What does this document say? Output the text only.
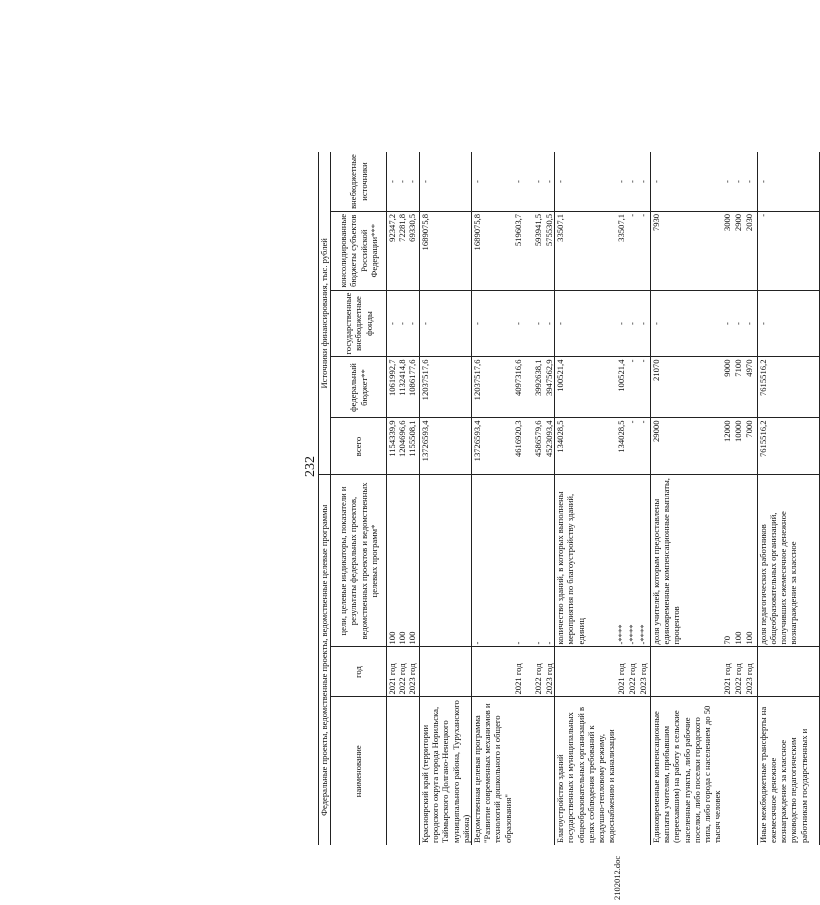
232
Федеральные проекты, ведомственные проекты, ведомственные целевые программы			Источники финансирования, тыс. рублей				
наименование	год	цели, целевые индикаторы, показатели и результаты федеральных проектов, ведомственных проектов и ведомственных целевых программ*	всего	федеральный бюджет**	государственные внебюджетные фонды	консолидированные бюджеты субъектов Российской Федерации***	внебюджетные источники
	2021 год	100	1154339,9	1061992,7	-	92347,2	-
	2022 год	100	1204696,6	1132414,8	-	72281,8	-
	2023 год	100	1155508,1	1086177,6	-	69330,5	-
Красноярский край (территории городского округа города Норильска, Таймырского Долгано-Ненецкого муниципального района, Туруханского района)			13726593,4	12037517,6	-	1689075,8	-
Ведомственная целевая программа "Развитие современных механизмов и технологий дошкольного и общего образования"		-	13726593,4	12037517,6	-	1689075,8	-
	2021 год	-	4616920,3	4097316,6	-	519603,7	-
	2022 год	-	4586579,6	3992638,1	-	593941,5	-
	2023 год	-	4523093,4	3947562,9	-	575530,5	-
Благоустройство зданий государственных и муниципальных общеобразовательных организаций в целях соблюдения требований к воздушно-тепловому режиму, водоснабжению и канализации		количество зданий, в которых выполнены мероприятия по благоустройству зданий, единиц	134028,5	100521,4	-	33507,1	-
	2021 год	-****	134028,5	100521,4	-	33507,1	-
	2022 год	-****	-	-	-	-	-
	2023 год	-****	-	-	-	-	-
Единовременные компенсационные выплаты учителям, прибывшим (переехавшим) на работу в сельские населенные пункты, либо рабочие поселки, либо поселки городского типа, либо города с населением до 50 тысяч человек		доля учителей, которым предоставлены единовременные компенсационные выплаты, процентов	29000	21070	-	7930	-
	2021 год	70	12000	9000	-	3000	-
	2022 год	100	10000	7100	-	2900	-
	2023 год	100	7000	4970	-	2030	-
Иные межбюджетные трансферты на ежемесячное денежное вознаграждение за классное руководство педагогическим работникам государственных и		доля педагогических работников общеобразовательных организаций, получивших ежемесячное денежное вознаграждение за классное	7615516,2	7615516,2	-	-	-
2102012.doc
